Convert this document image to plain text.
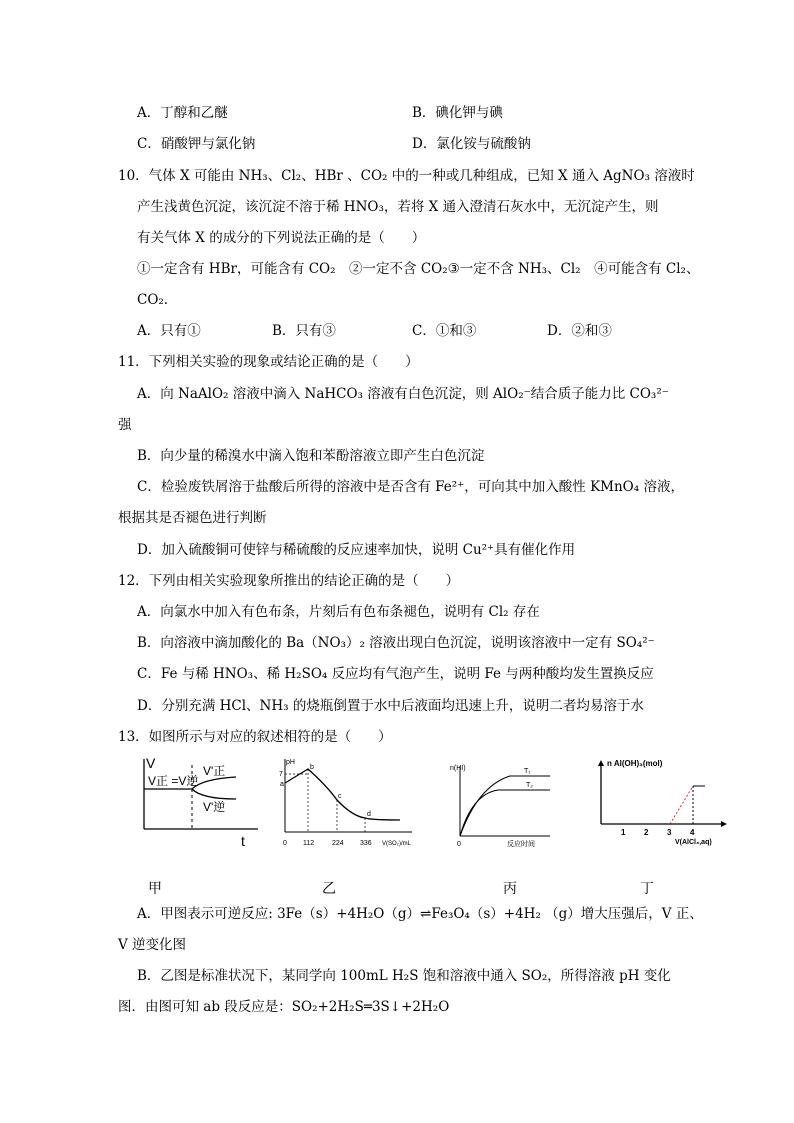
A．丁醇和乙醚	B．碘化钾与碘
C．硝酸钾与氯化钠	D．氯化铵与硫酸钠
10．气体 X 可能由 NH₃、Cl₂、HBr 、CO₂ 中的一种或几种组成，已知 X 通入 AgNO₃ 溶液时
产生浅黄色沉淀，该沉淀不溶于稀 HNO₃，若将 X 通入澄清石灰水中，无沉淀产生，则
有关气体 X 的成分的下列说法正确的是（　　）
①一定含有 HBr，可能含有 CO₂　②一定不含 CO₂③一定不含 NH₃、Cl₂　④可能含有 Cl₂、
CO₂.
A．只有①	B．只有③	C．①和③	D．②和③
11．下列相关实验的现象或结论正确的是（　　）
A．向 NaAlO₂ 溶液中滴入 NaHCO₃ 溶液有白色沉淀，则 AlO₂⁻结合质子能力比 CO₃²⁻
强
B．向少量的稀溴水中滴入饱和苯酚溶液立即产生白色沉淀
C．检验废铁屑溶于盐酸后所得的溶液中是否含有 Fe²⁺，可向其中加入酸性 KMnO₄ 溶液，
根据其是否褪色进行判断
D．加入硫酸铜可使锌与稀硫酸的反应速率加快，说明 Cu²⁺具有催化作用
12．下列由相关实验现象所推出的结论正确的是（　　）
A．向氯水中加入有色布条，片刻后有色布条褪色，说明有 Cl₂ 存在
B．向溶液中滴加酸化的 Ba（NO₃）₂ 溶液出现白色沉淀，说明该溶液中一定有 SO₄²⁻
C．Fe 与稀 HNO₃、稀 H₂SO₄ 反应均有气泡产生，说明 Fe 与两种酸均发生置换反应
D．分别充满 HCl、NH₃ 的烧瓶倒置于水中后液面均迅速上升，说明二者均易溶于水
13．如图所示与对应的叙述相符的是（　　）
V
t
V正 =V逆
V'正
V'逆
pH
7
a
b
c
d
0 112	224 336 V(SO₂)/mL
n(HI)	T₁
T₂
0	反应时间
n Al(OH)₃(mol)
1 2 3 4
V(AlCl₃,aq)
甲	乙	丙	丁
A．甲图表示可逆反应: 3Fe（s）+4H₂O（g）⇌Fe₃O₄（s）+4H₂ （g）增大压强后，V 正、
V 逆变化图
B．乙图是标准状况下，某同学向 100mL H₂S 饱和溶液中通入 SO₂，所得溶液 pH 变化
图．由图可知 ab 段反应是：SO₂+2H₂S═3S↓+2H₂O
